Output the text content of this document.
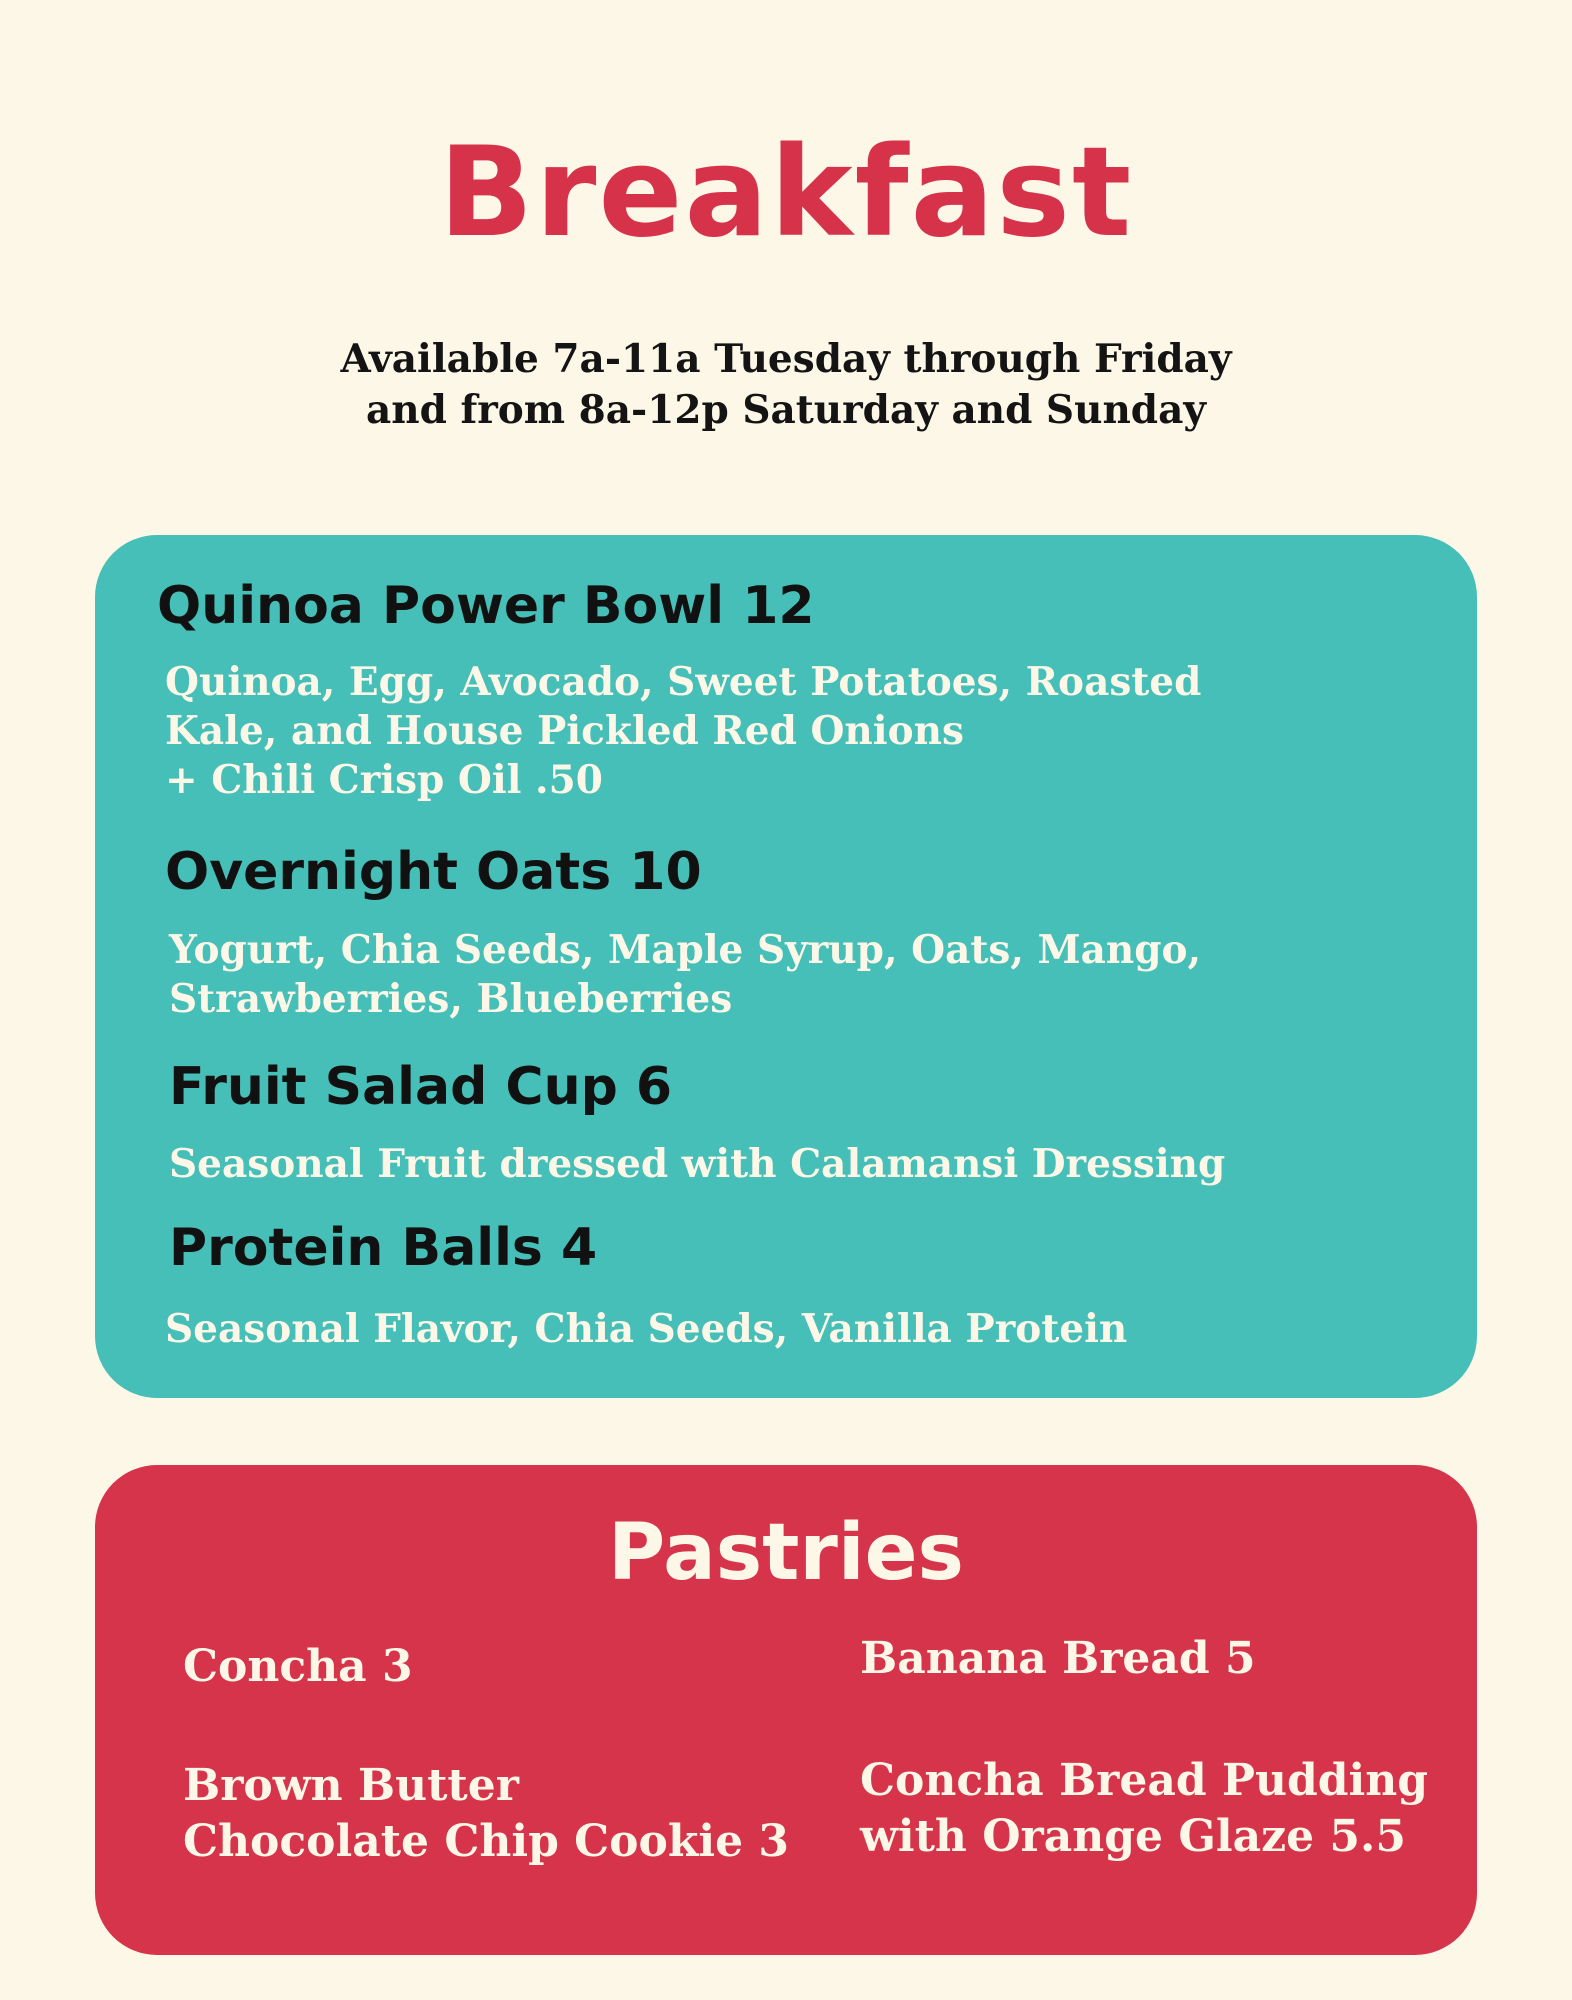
Breakfast
Available 7a-11a Tuesday through Friday
and from 8a-12p Saturday and Sunday
Quinoa Power Bowl 12
Quinoa, Egg, Avocado, Sweet Potatoes, Roasted
Kale, and House Pickled Red Onions
+ Chili Crisp Oil .50
Overnight Oats 10
Yogurt, Chia Seeds, Maple Syrup, Oats, Mango,
Strawberries, Blueberries
Fruit Salad Cup 6
Seasonal Fruit dressed with Calamansi Dressing
Protein Balls 4
Seasonal Flavor, Chia Seeds, Vanilla Protein
Pastries
Concha 3	Banana Bread 5
Brown Butter
Chocolate Chip Cookie 3
Concha Bread Pudding
with Orange Glaze 5.5
